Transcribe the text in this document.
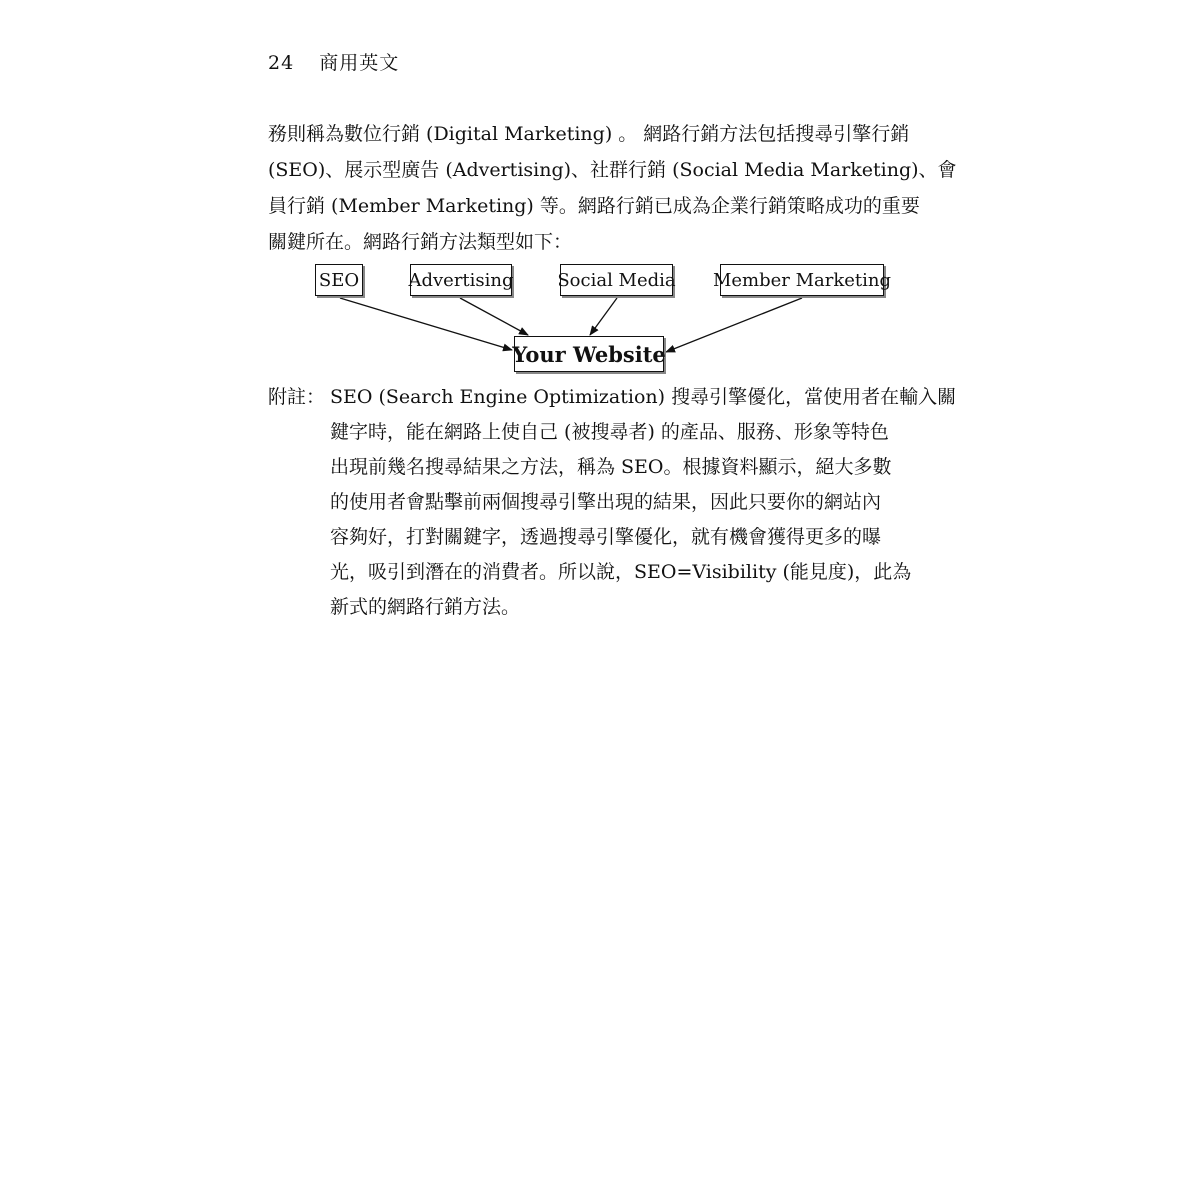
24 商用英文
務則稱為數位行銷 (Digital Marketing) 。 網路行銷方法包括搜尋引擎行銷
(SEO)、展示型廣告 (Advertising)、社群行銷 (Social Media Marketing)、會
員行銷 (Member Marketing) 等。網路行銷已成為企業行銷策略成功的重要
關鍵所在。網路行銷方法類型如下：
SEO	Advertising Social Media Member Marketing
Your Website
附註： SEO (Search Engine Optimization) 搜尋引擎優化，當使用者在輸入關
鍵字時，能在網路上使自己 (被搜尋者) 的產品、服務、形象等特色
出現前幾名搜尋結果之方法，稱為 SEO。根據資料顯示，絕大多數
的使用者會點擊前兩個搜尋引擎出現的結果，因此只要你的網站內
容夠好，打對關鍵字，透過搜尋引擎優化，就有機會獲得更多的曝
光，吸引到潛在的消費者。所以說，SEO=Visibility (能見度)，此為
新式的網路行銷方法。
